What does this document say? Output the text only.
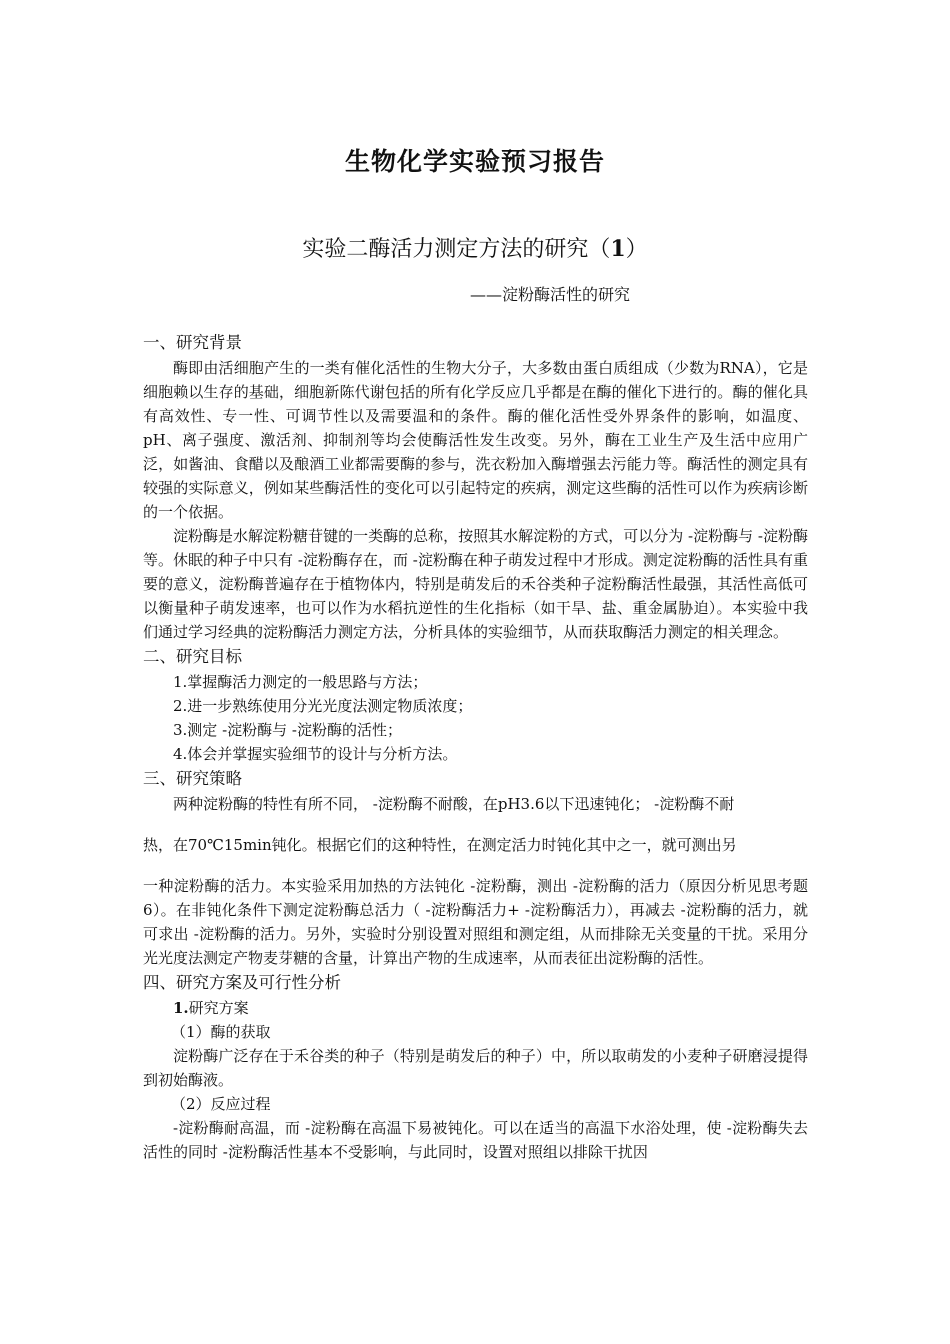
生物化学实验预习报告
实验二酶活力测定方法的研究（1）
——淀粉酶活性的研究

一、研究背景

酶即由活细胞产生的一类有催化活性的生物大分子，大多数由蛋白质组成（少数为RNA），它是细胞赖以生存的基础，细胞新陈代谢包括的所有化学反应几乎都是在酶的催化下进行的。酶的催化具有高效性、专一性、可调节性以及需要温和的条件。酶的催化活性受外界条件的影响，如温度、pH、离子强度、激活剂、抑制剂等均会使酶活性发生改变。另外，酶在工业生产及生活中应用广泛，如酱油、食醋以及酿酒工业都需要酶的参与，洗衣粉加入酶增强去污能力等。酶活性的测定具有较强的实际意义，例如某些酶活性的变化可以引起特定的疾病，测定这些酶的活性可以作为疾病诊断的一个依据。

淀粉酶是水解淀粉糖苷键的一类酶的总称，按照其水解淀粉的方式，可以分为 -淀粉酶与 -淀粉酶等。休眠的种子中只有 -淀粉酶存在，而 -淀粉酶在种子萌发过程中才形成。测定淀粉酶的活性具有重要的意义，淀粉酶普遍存在于植物体内，特别是萌发后的禾谷类种子淀粉酶活性最强，其活性高低可以衡量种子萌发速率，也可以作为水稻抗逆性的生化指标（如干旱、盐、重金属胁迫）。本实验中我们通过学习经典的淀粉酶活力测定方法，分析具体的实验细节，从而获取酶活力测定的相关理念。

二、研究目标

1.掌握酶活力测定的一般思路与方法；

2.进一步熟练使用分光光度法测定物质浓度；

3.测定 -淀粉酶与 -淀粉酶的活性；

4.体会并掌握实验细节的设计与分析方法。

三、研究策略

两种淀粉酶的特性有所不同， -淀粉酶不耐酸，在pH3.6以下迅速钝化； -淀粉酶不耐

热，在70℃15min钝化。根据它们的这种特性，在测定活力时钝化其中之一，就可测出另

一种淀粉酶的活力。本实验采用加热的方法钝化 -淀粉酶，测出 -淀粉酶的活力（原因分析见思考题6）。在非钝化条件下测定淀粉酶总活力（ -淀粉酶活力+ -淀粉酶活力），再减去 -淀粉酶的活力，就可求出 -淀粉酶的活力。另外，实验时分别设置对照组和测定组，从而排除无关变量的干扰。采用分光光度法测定产物麦芽糖的含量，计算出产物的生成速率，从而表征出淀粉酶的活性。

四、研究方案及可行性分析

1.研究方案

（1）酶的获取

淀粉酶广泛存在于禾谷类的种子（特别是萌发后的种子）中，所以取萌发的小麦种子研磨浸提得到初始酶液。

（2）反应过程

-淀粉酶耐高温，而 -淀粉酶在高温下易被钝化。可以在适当的高温下水浴处理，使 -淀粉酶失去活性的同时 -淀粉酶活性基本不受影响，与此同时，设置对照组以排除干扰因
